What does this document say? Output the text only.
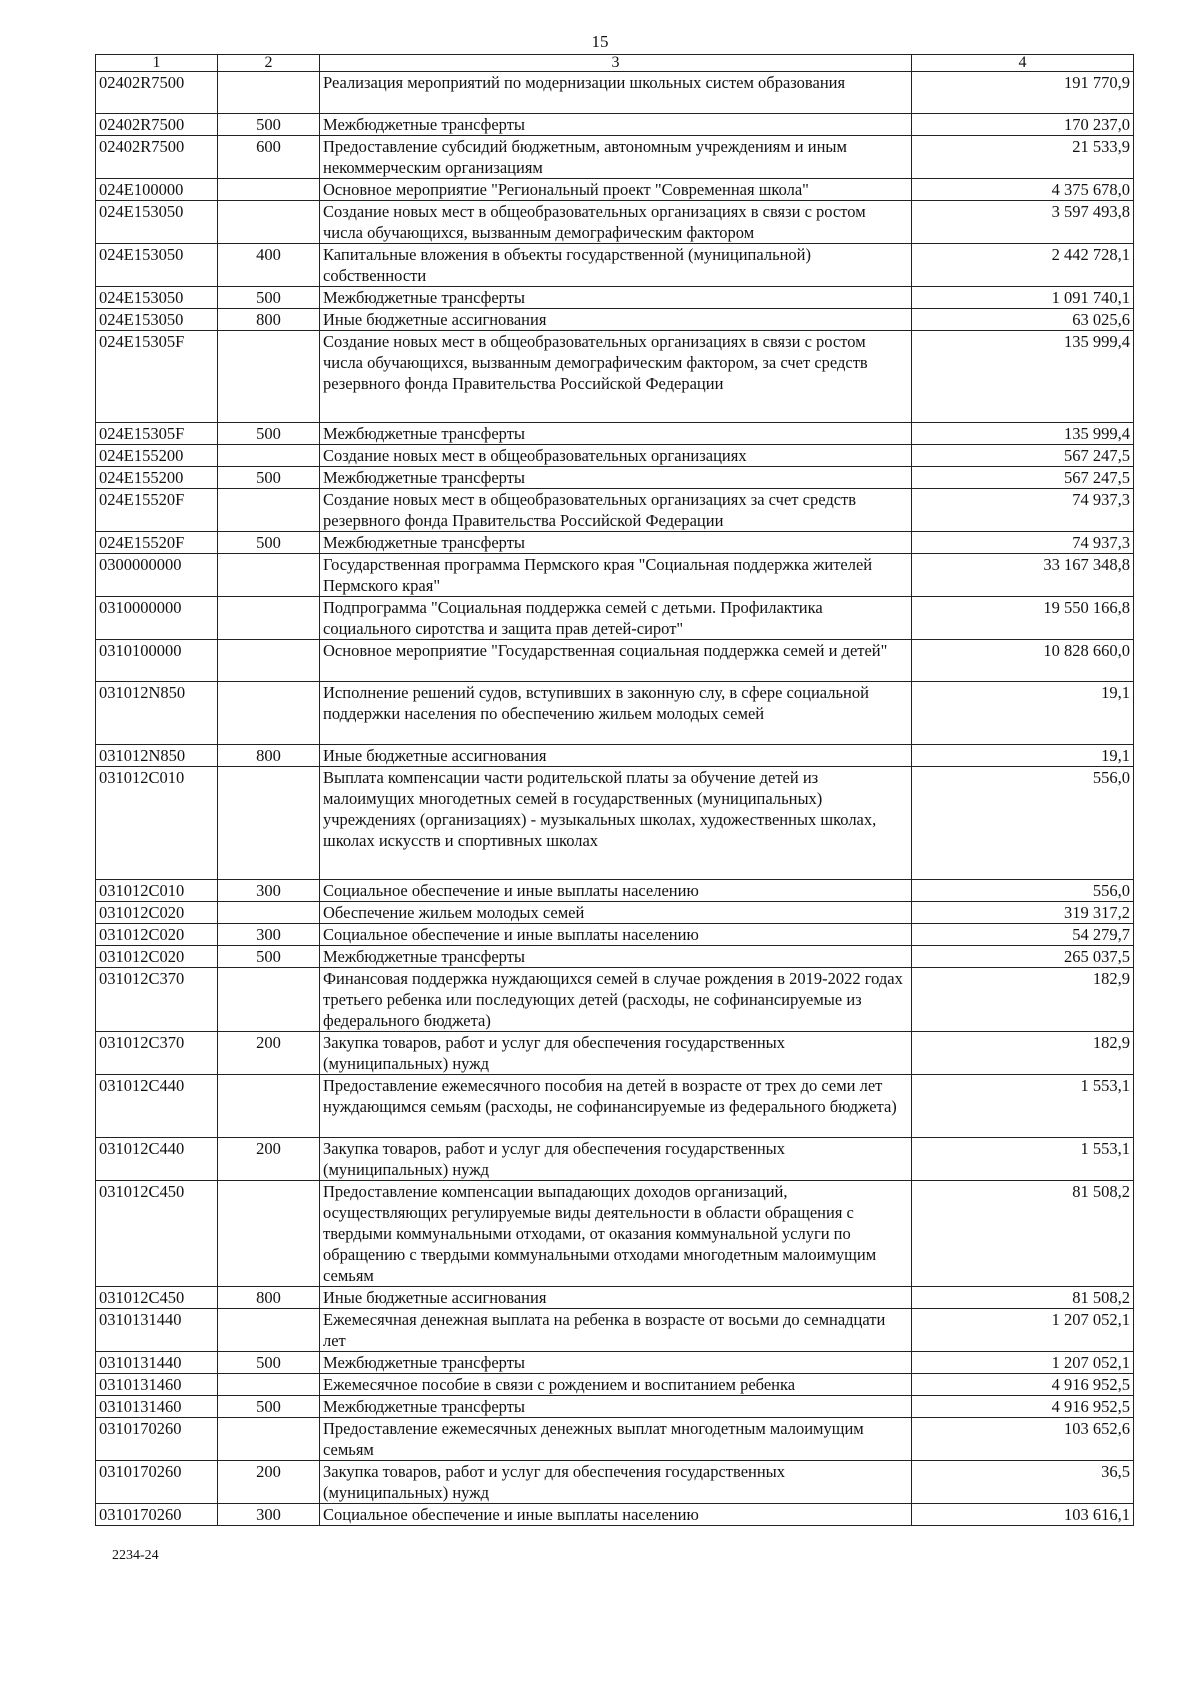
15
1	2	3	4
02402R7500		Реализация мероприятий по модернизации школьных систем образования	191 770,9
02402R7500	500	Межбюджетные трансферты	170 237,0
02402R7500	600	Предоставление субсидий бюджетным, автономным учреждениям и иным некоммерческим организациям	21 533,9
024E100000		Основное мероприятие "Региональный проект "Современная школа"	4 375 678,0
024E153050		Создание новых мест в общеобразовательных организациях в связи с ростом числа обучающихся, вызванным демографическим фактором	3 597 493,8
024E153050	400	Капитальные вложения в объекты государственной (муниципальной) собственности	2 442 728,1
024E153050	500	Межбюджетные трансферты	1 091 740,1
024E153050	800	Иные бюджетные ассигнования	63 025,6
024E15305F		Создание новых мест в общеобразовательных организациях в связи с ростом числа обучающихся, вызванным демографическим фактором, за счет средств резервного фонда Правительства Российской Федерации	135 999,4
024E15305F	500	Межбюджетные трансферты	135 999,4
024E155200		Создание новых мест в общеобразовательных организациях	567 247,5
024E155200	500	Межбюджетные трансферты	567 247,5
024E15520F		Создание новых мест в общеобразовательных организациях за счет средств резервного фонда Правительства Российской Федерации	74 937,3
024E15520F	500	Межбюджетные трансферты	74 937,3
0300000000		Государственная программа Пермского края "Социальная поддержка жителей Пермского края"	33 167 348,8
0310000000		Подпрограмма "Социальная поддержка семей с детьми. Профилактика социального сиротства и защита прав детей-сирот"	19 550 166,8
0310100000		Основное мероприятие "Государственная социальная поддержка семей и детей"	10 828 660,0
031012N850		Исполнение решений судов, вступивших в законную слу, в сфере социальной поддержки населения по обеспечению жильем молодых семей	19,1
031012N850	800	Иные бюджетные ассигнования	19,1
031012C010		Выплата компенсации части родительской платы за обучение детей из малоимущих многодетных семей в государственных (муниципальных) учреждениях (организациях) - музыкальных школах, художественных школах, школах искусств и спортивных школах	556,0
031012C010	300	Социальное обеспечение и иные выплаты населению	556,0
031012C020		Обеспечение жильем молодых семей	319 317,2
031012C020	300	Социальное обеспечение и иные выплаты населению	54 279,7
031012C020	500	Межбюджетные трансферты	265 037,5
031012C370		Финансовая поддержка нуждающихся семей в случае рождения в 2019-2022 годах третьего ребенка или последующих детей (расходы, не софинансируемые из федерального бюджета)	182,9
031012C370	200	Закупка товаров, работ и услуг для обеспечения государственных (муниципальных) нужд	182,9
031012C440		Предоставление ежемесячного пособия на детей в возрасте от трех до семи лет нуждающимся семьям (расходы, не софинансируемые из федерального бюджета)	1 553,1
031012C440	200	Закупка товаров, работ и услуг для обеспечения государственных (муниципальных) нужд	1 553,1
031012C450		Предоставление компенсации выпадающих доходов организаций, осуществляющих регулируемые виды деятельности в области обращения с твердыми коммунальными отходами, от оказания коммунальной услуги по обращению с твердыми коммунальными отходами многодетным малоимущим семьям	81 508,2
031012C450	800	Иные бюджетные ассигнования	81 508,2
0310131440		Ежемесячная денежная выплата на ребенка в возрасте от восьми до семнадцати лет	1 207 052,1
0310131440	500	Межбюджетные трансферты	1 207 052,1
0310131460		Ежемесячное пособие в связи с рождением и воспитанием ребенка	4 916 952,5
0310131460	500	Межбюджетные трансферты	4 916 952,5
0310170260		Предоставление ежемесячных денежных выплат многодетным малоимущим семьям	103 652,6
0310170260	200	Закупка товаров, работ и услуг для обеспечения государственных (муниципальных) нужд	36,5
0310170260	300	Социальное обеспечение и иные выплаты населению	103 616,1
2234-24
